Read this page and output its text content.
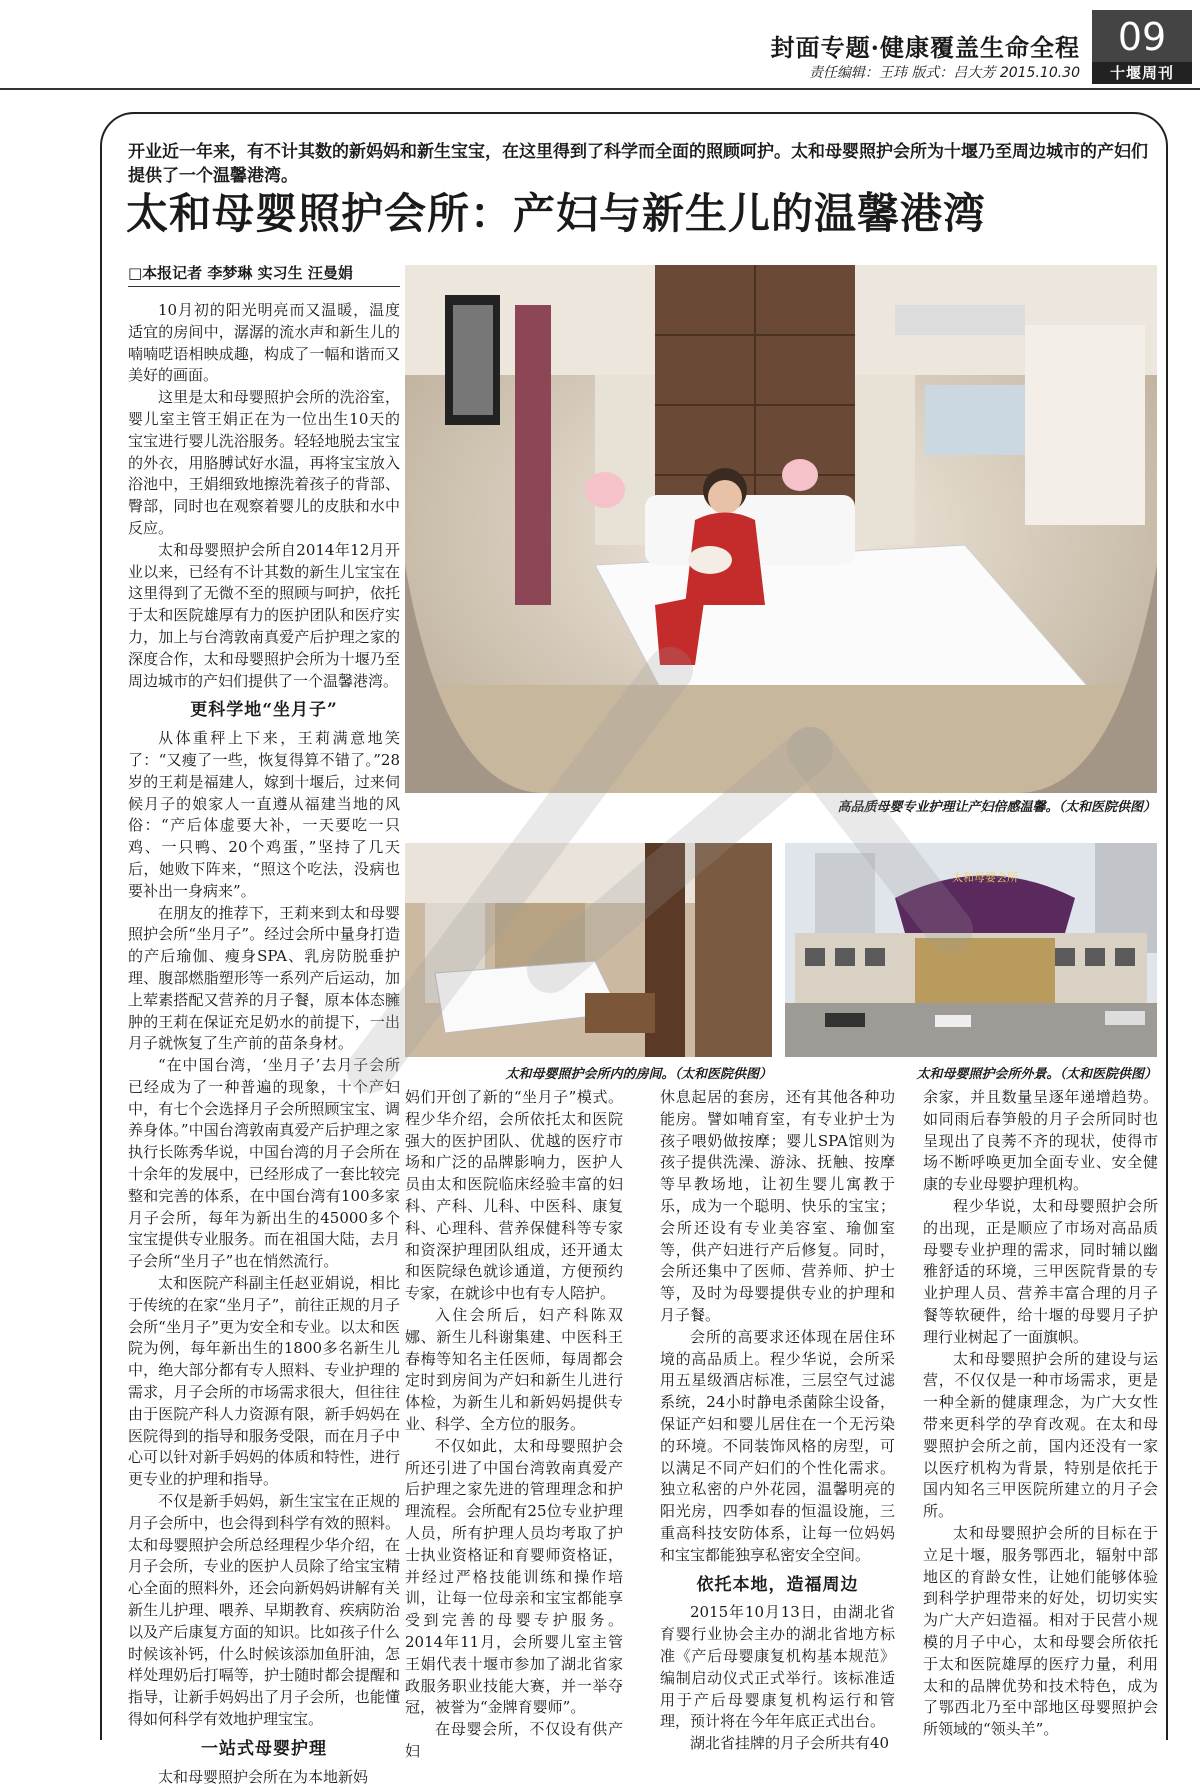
封面专题·健康覆盖生命全程
责任编辑：王玮 版式：吕大芳 2015.10.30
09
十堰周刊
开业近一年来，有不计其数的新妈妈和新生宝宝，在这里得到了科学而全面的照顾呵护。太和母婴照护会所为十堰乃至周边城市的产妇们提供了一个温馨港湾。
太和母婴照护会所：产妇与新生儿的温馨港湾
□本报记者 李梦琳 实习生 汪曼娟
高品质母婴专业护理让产妇倍感温馨。（太和医院供图）
太和母婴照护会所内的房间。（太和医院供图）
太和母婴会所
太和母婴照护会所外景。（太和医院供图）

10月初的阳光明亮而又温暖，温度适宜的房间中，潺潺的流水声和新生儿的喃喃呓语相映成趣，构成了一幅和谐而又美好的画面。

这里是太和母婴照护会所的洗浴室，婴儿室主管王娟正在为一位出生10天的宝宝进行婴儿洗浴服务。轻轻地脱去宝宝的外衣，用胳膊试好水温，再将宝宝放入浴池中，王娟细致地擦洗着孩子的背部、臀部，同时也在观察着婴儿的皮肤和水中反应。

太和母婴照护会所自2014年12月开业以来，已经有不计其数的新生儿宝宝在这里得到了无微不至的照顾与呵护，依托于太和医院雄厚有力的医护团队和医疗实力，加上与台湾敦南真爱产后护理之家的深度合作，太和母婴照护会所为十堰乃至周边城市的产妇们提供了一个温馨港湾。

更科学地“坐月子”

从体重秤上下来，王莉满意地笑了：“又瘦了一些，恢复得算不错了。”28岁的王莉是福建人，嫁到十堰后，过来伺候月子的娘家人一直遵从福建当地的风俗：“产后体虚要大补，一天要吃一只鸡、一只鸭、20个鸡蛋，”坚持了几天后，她败下阵来，“照这个吃法，没病也要补出一身病来”。

在朋友的推荐下，王莉来到太和母婴照护会所“坐月子”。经过会所中量身打造的产后瑜伽、瘦身SPA、乳房防脱垂护理、腹部燃脂塑形等一系列产后运动，加上荤素搭配又营养的月子餐，原本体态臃肿的王莉在保证充足奶水的前提下，一出月子就恢复了生产前的苗条身材。

“在中国台湾，‘坐月子’去月子会所已经成为了一种普遍的现象，十个产妇中，有七个会选择月子会所照顾宝宝、调养身体。”中国台湾敦南真爱产后护理之家执行长陈秀华说，中国台湾的月子会所在十余年的发展中，已经形成了一套比较完整和完善的体系，在中国台湾有100多家月子会所，每年为新出生的45000多个宝宝提供专业服务。而在祖国大陆，去月子会所“坐月子”也在悄然流行。

太和医院产科副主任赵亚娟说，相比于传统的在家“坐月子”，前往正规的月子会所“坐月子”更为安全和专业。以太和医院为例，每年新出生的1800多名新生儿中，绝大部分都有专人照料、专业护理的需求，月子会所的市场需求很大，但往往由于医院产科人力资源有限，新手妈妈在医院得到的指导和服务受限，而在月子中心可以针对新手妈妈的体质和特性，进行更专业的护理和指导。

不仅是新手妈妈，新生宝宝在正规的月子会所中，也会得到科学有效的照料。太和母婴照护会所总经理程少华介绍，在月子会所，专业的医护人员除了给宝宝精心全面的照料外，还会向新妈妈讲解有关新生儿护理、喂养、早期教育、疾病防治以及产后康复方面的知识。比如孩子什么时候该补钙，什么时候该添加鱼肝油，怎样处理奶后打嗝等，护士随时都会提醒和指导，让新手妈妈出了月子会所，也能懂得如何科学有效地护理宝宝。

一站式母婴护理

太和母婴照护会所在为本地新妈

妈们开创了新的“坐月子”模式。程少华介绍，会所依托太和医院强大的医护团队、优越的医疗市场和广泛的品牌影响力，医护人员由太和医院临床经验丰富的妇科、产科、儿科、中医科、康复科、心理科、营养保健科等专家和资深护理团队组成，还开通太和医院绿色就诊通道，方便预约专家，在就诊中也有专人陪护。

入住会所后，妇产科陈双娜、新生儿科谢集建、中医科王春梅等知名主任医师，每周都会定时到房间为产妇和新生儿进行体检，为新生儿和新妈妈提供专业、科学、全方位的服务。

不仅如此，太和母婴照护会所还引进了中国台湾敦南真爱产后护理之家先进的管理理念和护理流程。会所配有25位专业护理人员，所有护理人员均考取了护士执业资格证和育婴师资格证，并经过严格技能训练和操作培训，让每一位母亲和宝宝都能享受到完善的母婴专护服务。2014年11月，会所婴儿室主管王娟代表十堰市参加了湖北省家政服务职业技能大赛，并一举夺冠，被誉为“金牌育婴师”。

在母婴会所，不仅设有供产妇

休息起居的套房，还有其他各种功能房。譬如哺育室，有专业护士为孩子喂奶做按摩；婴儿SPA馆则为孩子提供洗澡、游泳、抚触、按摩等早教场地，让初生婴儿寓教于乐，成为一个聪明、快乐的宝宝；会所还设有专业美容室、瑜伽室等，供产妇进行产后修复。同时，会所还集中了医师、营养师、护士等，及时为母婴提供专业的护理和月子餐。

会所的高要求还体现在居住环境的高品质上。程少华说，会所采用五星级酒店标准，三层空气过滤系统，24小时静电杀菌除尘设备，保证产妇和婴儿居住在一个无污染的环境。不同装饰风格的房型，可以满足不同产妇们的个性化需求。独立私密的户外花园，温馨明亮的阳光房，四季如春的恒温设施，三重高科技安防体系，让每一位妈妈和宝宝都能独享私密安全空间。

依托本地，造福周边

2015年10月13日，由湖北省育婴行业协会主办的湖北省地方标准《产后母婴康复机构基本规范》编制启动仪式正式举行。该标准适用于产后母婴康复机构运行和管理，预计将在今年年底正式出台。

湖北省挂牌的月子会所共有40

余家，并且数量呈逐年递增趋势。如同雨后春笋般的月子会所同时也呈现出了良莠不齐的现状，使得市场不断呼唤更加全面专业、安全健康的专业母婴护理机构。

程少华说，太和母婴照护会所的出现，正是顺应了市场对高品质母婴专业护理的需求，同时辅以幽雅舒适的环境，三甲医院背景的专业护理人员、营养丰富合理的月子餐等软硬件，给十堰的母婴月子护理行业树起了一面旗帜。

太和母婴照护会所的建设与运营，不仅仅是一种市场需求，更是一种全新的健康理念，为广大女性带来更科学的孕育改观。在太和母婴照护会所之前，国内还没有一家以医疗机构为背景，特别是依托于国内知名三甲医院所建立的月子会所。

太和母婴照护会所的目标在于立足十堰，服务鄂西北，辐射中部地区的育龄女性，让她们能够体验到科学护理带来的好处，切切实实为广大产妇造福。相对于民营小规模的月子中心，太和母婴会所依托于太和医院雄厚的医疗力量，利用太和的品牌优势和技术特色，成为了鄂西北乃至中部地区母婴照护会所领域的“领头羊”。
